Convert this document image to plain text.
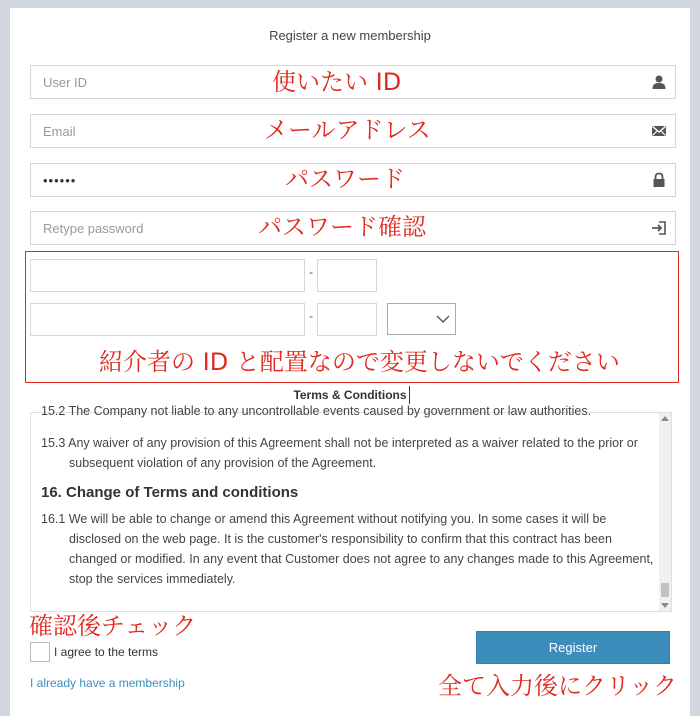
Register a new membership
User ID
使いたい ID
Email
メールアドレス
••••••
パスワード
Retype password
パスワード確認
-
-
紹介者の ID と配置なので変更しないでください
Terms & Conditions
15.2 The Company not liable to any uncontrollable events caused by government or law authorities.
15.3 Any waiver of any provision of this Agreement shall not be interpreted as a waiver related to the prior or subsequent violation of any provision of the Agreement.
16. Change of Terms and conditions
16.1 We will be able to change or amend this Agreement without notifying you. In some cases it will be disclosed on the web page. It is the customer's responsibility to confirm that this contract has been changed or modified. In any event that Customer does not agree to any changes made to this Agreement, stop the services immediately.
確認後チェック
I agree to the terms	Register
I already have a membership	全て入力後にクリック
